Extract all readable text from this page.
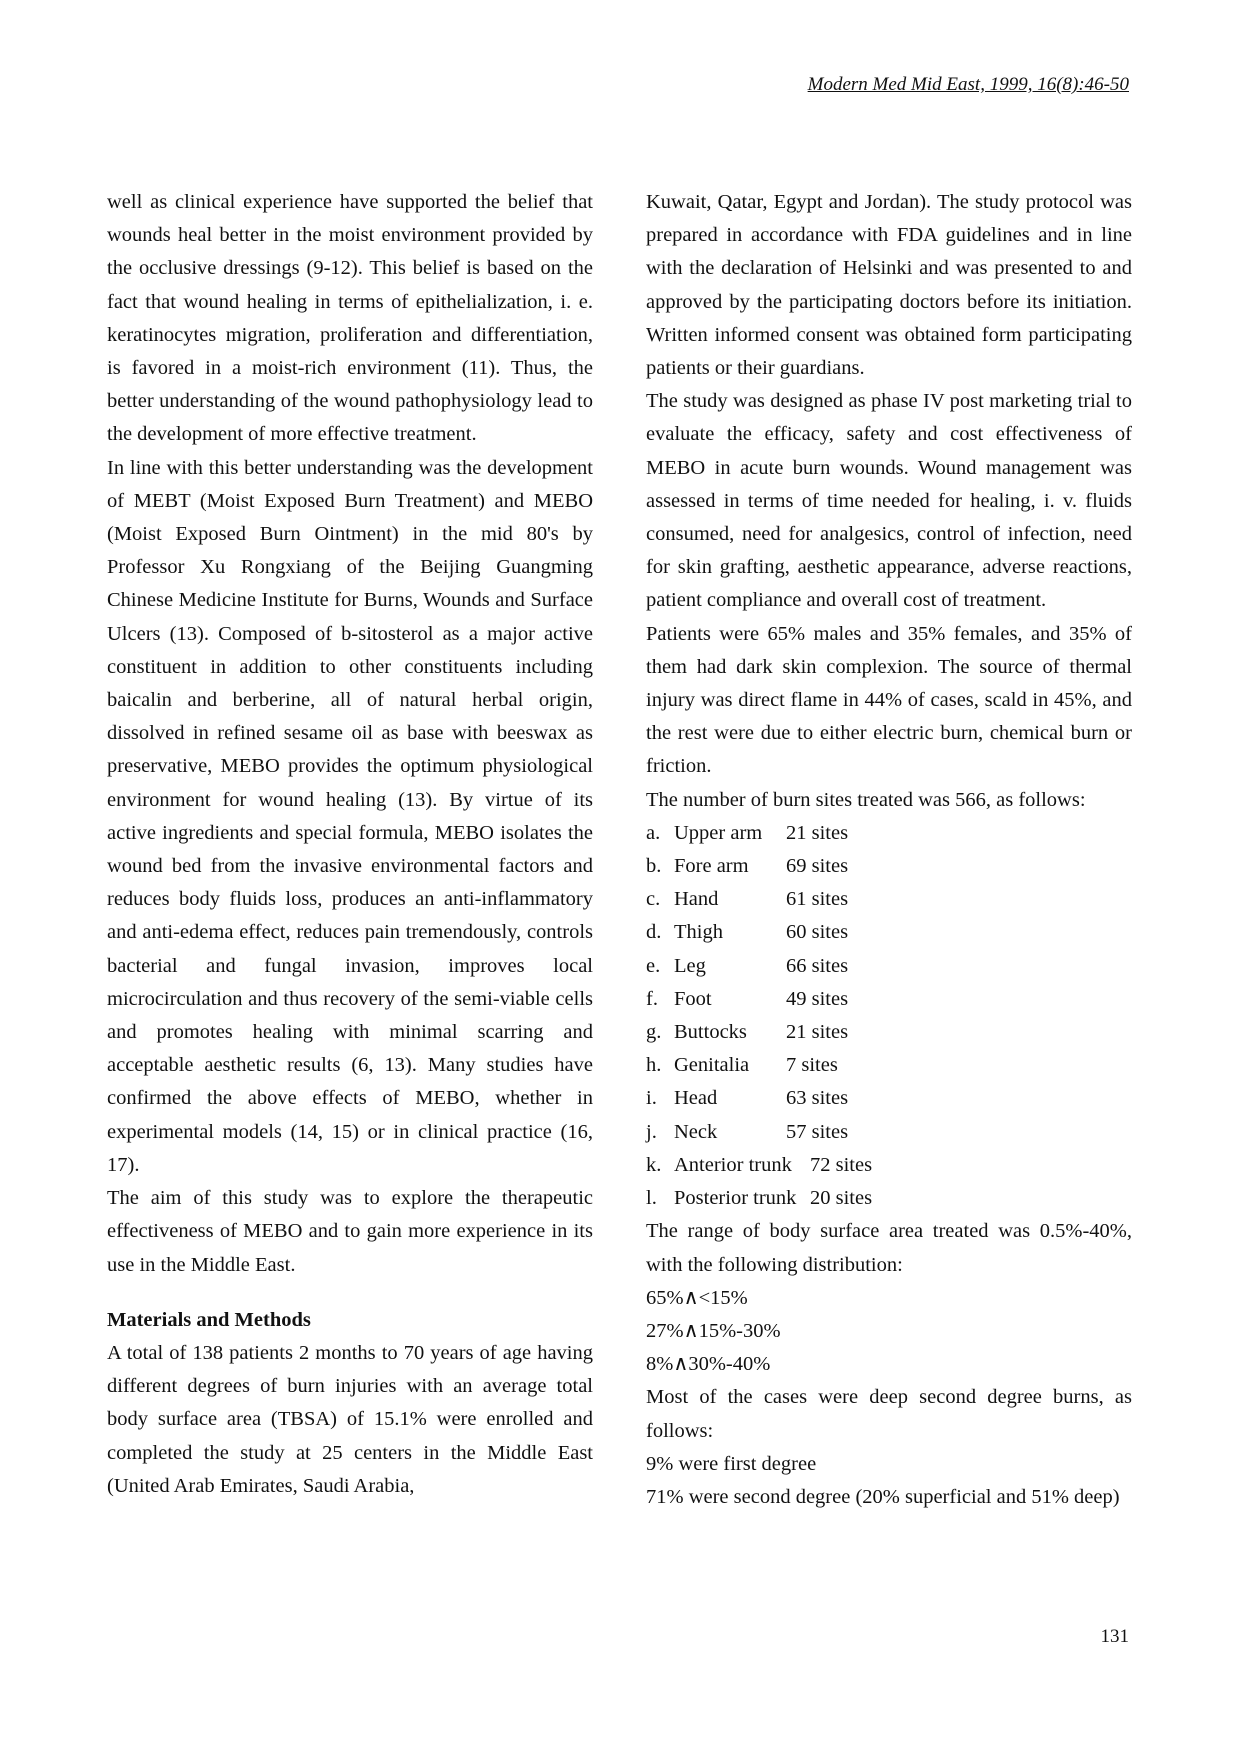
Modern Med Mid East, 1999, 16(8):46-50

well as clinical experience have supported the belief that wounds heal better in the moist environment provided by the occlusive dressings (9-12). This belief is based on the fact that wound healing in terms of epithelialization, i. e. keratinocytes migration, proliferation and differentiation, is favored in a moist-rich environment (11). Thus, the better understanding of the wound pathophysiology lead to the development of more effective treatment.

In line with this better understanding was the development of MEBT (Moist Exposed Burn Treatment) and MEBO (Moist Exposed Burn Ointment) in the mid 80's by Professor Xu Rongxiang of the Beijing Guangming Chinese Medicine Institute for Burns, Wounds and Surface Ulcers (13). Composed of b-sitosterol as a major active constituent in addition to other constituents including baicalin and berberine, all of natural herbal origin, dissolved in refined sesame oil as base with beeswax as preservative, MEBO provides the optimum physiological environment for wound healing (13). By virtue of its active ingredients and special formula, MEBO isolates the wound bed from the invasive environmental factors and reduces body fluids loss, produces an anti-inflammatory and anti-edema effect, reduces pain tremendously, controls bacterial and fungal invasion, improves local microcirculation and thus recovery of the semi-viable cells and promotes healing with minimal scarring and acceptable aesthetic results (6, 13). Many studies have confirmed the above effects of MEBO, whether in experimental models (14, 15) or in clinical practice (16, 17).

The aim of this study was to explore the therapeutic effectiveness of MEBO and to gain more experience in its use in the Middle East.

Materials and Methods

A total of 138 patients 2 months to 70 years of age having different degrees of burn injuries with an average total body surface area (TBSA) of 15.1% were enrolled and completed the study at 25 centers in the Middle East (United Arab Emirates, Saudi Arabia,

Kuwait, Qatar, Egypt and Jordan). The study protocol was prepared in accordance with FDA guidelines and in line with the declaration of Helsinki and was presented to and approved by the participating doctors before its initiation. Written informed consent was obtained form participating patients or their guardians.

The study was designed as phase IV post marketing trial to evaluate the efficacy, safety and cost effectiveness of MEBO in acute burn wounds. Wound management was assessed in terms of time needed for healing, i. v. fluids consumed, need for analgesics, control of infection, need for skin grafting, aesthetic appearance, adverse reactions, patient compliance and overall cost of treatment.

Patients were 65% males and 35% females, and 35% of them had dark skin complexion. The source of thermal injury was direct flame in 44% of cases, scald in 45%, and the rest were due to either electric burn, chemical burn or friction.

The number of burn sites treated was 566, as follows:

a. Upper arm	21 sites
b. Fore arm	69 sites
c. Hand	61 sites
d. Thigh	60 sites
e. Leg	66 sites
f. Foot	49 sites
g. Buttocks	21 sites
h. Genitalia	7 sites
i. Head	63 sites
j. Neck	57 sites
k. Anterior trunk 72 sites
l. Posterior trunk 20 sites

The range of body surface area treated was 0.5%-40%, with the following distribution:

65%∧<15%
27%∧15%-30%
8%∧30%-40%

Most of the cases were deep second degree burns, as follows:

9% were first degree

71% were second degree (20% superficial and 51% deep)

131
